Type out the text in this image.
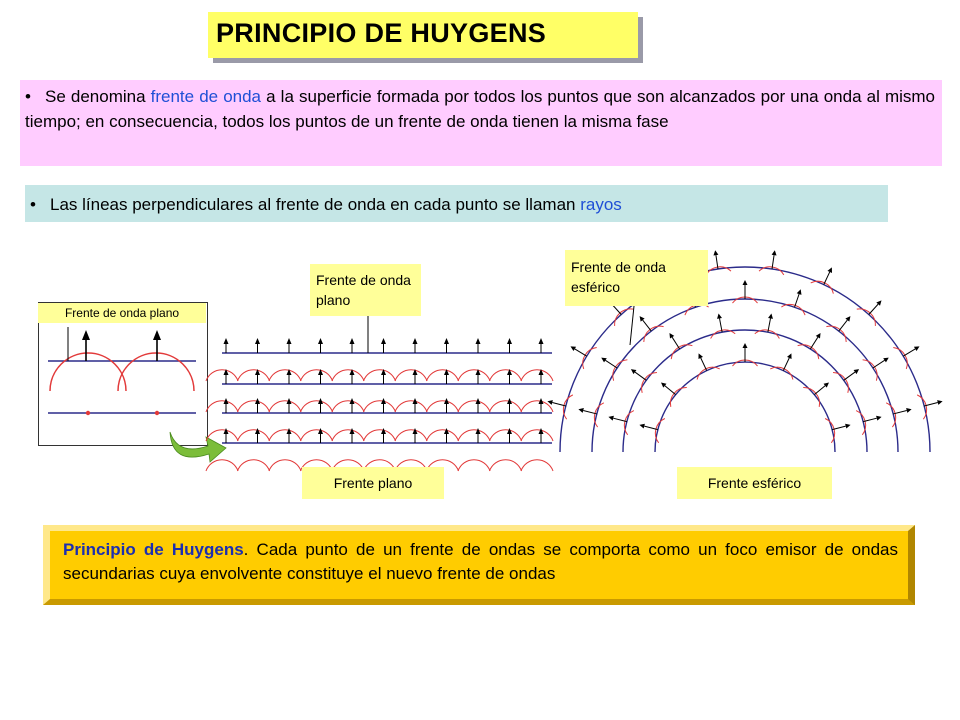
PRINCIPIO DE HUYGENS
• Se denomina frente de onda a la superficie formada por todos los puntos que son alcanzados por una onda al mismo tiempo; en consecuencia, todos los puntos de un frente de onda tienen la misma fase
• Las líneas perpendiculares al frente de onda en cada punto se llaman rayos
Frente de onda plano
Frente de onda plano
Frente plano
Frente de onda esférico
Frente esférico
Principio de Huygens. Cada punto de un frente de ondas se comporta como un foco emisor de ondas secundarias cuya envolvente constituye el nuevo frente de ondas
